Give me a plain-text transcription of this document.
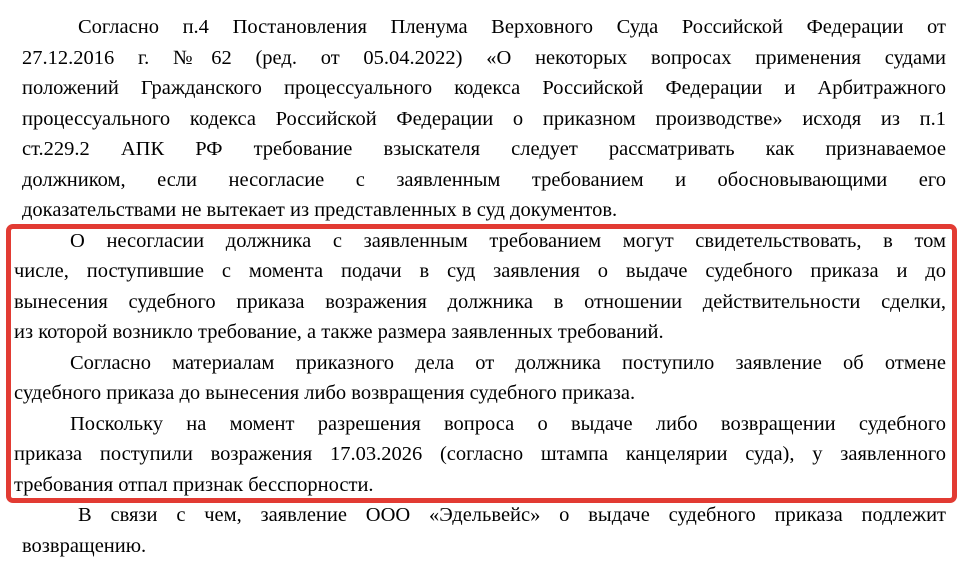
Согласно п.4 Постановления Пленума Верховного Суда Российской Федерации от
27.12.2016 г. №62 (ред. от 05.04.2022) «О некоторых вопросах применения судами
положений Гражданского процессуального кодекса Российской Федерации и Арбитражного
процессуального кодекса Российской Федерации о приказном производстве» исходя из п.1
ст.229.2 АПК РФ требование взыскателя следует рассматривать как признаваемое
должником, если несогласие с заявленным требованием и обосновывающими его
доказательствами не вытекает из представленных в суд документов.
О несогласии должника с заявленным требованием могут свидетельствовать, в том
числе, поступившие с момента подачи в суд заявления о выдаче судебного приказа и до
вынесения судебного приказа возражения должника в отношении действительности сделки,
из которой возникло требование, а также размера заявленных требований.
Согласно материалам приказного дела от должника поступило заявление об отмене
судебного приказа до вынесения либо возвращения судебного приказа.
Поскольку на момент разрешения вопроса о выдаче либо возвращении судебного
приказа поступили возражения 17.03.2026 (согласно штампа канцелярии суда), у заявленного
требования отпал признак бесспорности.
В связи с чем, заявление ООО «Эдельвейс» о выдаче судебного приказа подлежит
возвращению.
